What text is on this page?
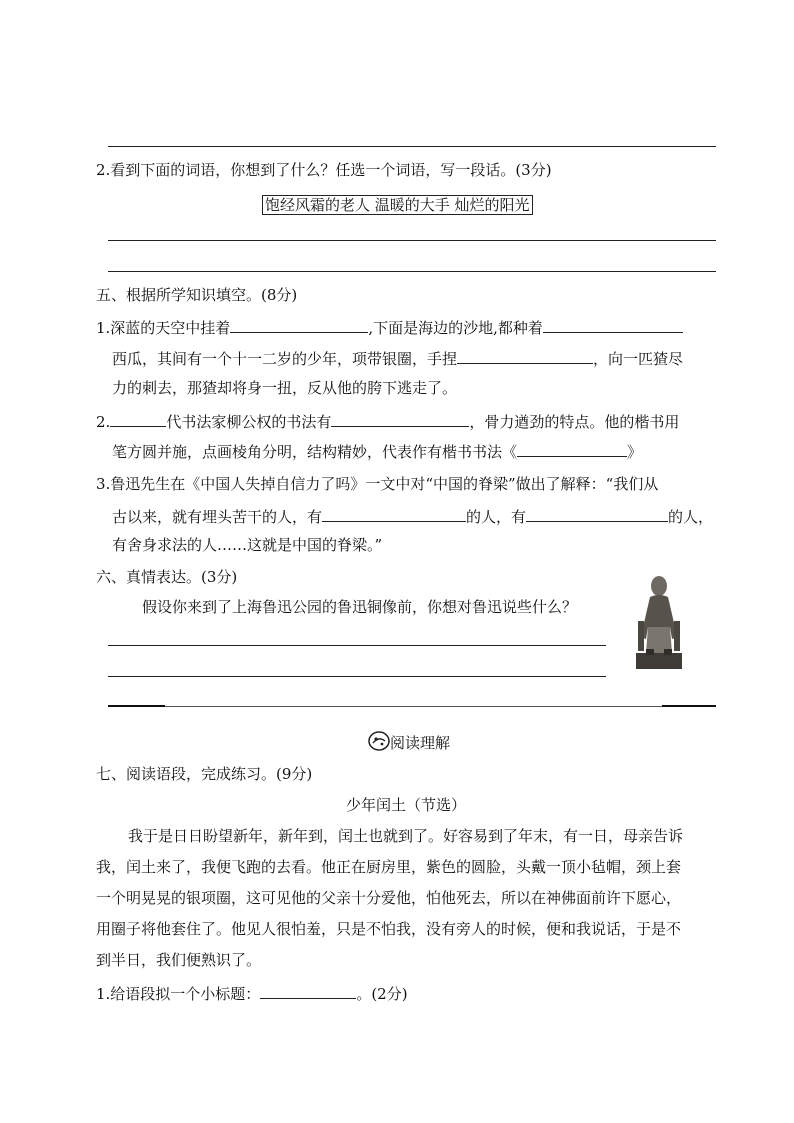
2.看到下面的词语，你想到了什么？任选一个词语，写一段话。(3分)
饱经风霜的老人 温暖的大手 灿烂的阳光
五、根据所学知识填空。(8分)
1.深蓝的天空中挂着	,下面是海边的沙地,都种着
西瓜，其间有一个十一二岁的少年，项带银圈，手捏	，向一匹猹尽
力的刺去，那猹却将身一扭，反从他的胯下逃走了。
2.	代书法家柳公权的书法有	，骨力遒劲的特点。他的楷书用
笔方圆并施，点画棱角分明，结构精妙，代表作有楷书书法《	》
3.鲁迅先生在《中国人失掉自信力了吗》一文中对“中国的脊梁”做出了解释：“我们从
古以来，就有埋头苦干的人，有	的人，有	的人，
有舍身求法的人……这就是中国的脊梁。”
六、真情表达。(3分)
假设你来到了上海鲁迅公园的鲁迅铜像前，你想对鲁迅说些什么？
阅读理解
七、阅读语段，完成练习。(9分)
少年闰土（节选）
我于是日日盼望新年，新年到，闰土也就到了。好容易到了年末，有一日，母亲告诉
我，闰土来了，我便飞跑的去看。他正在厨房里，紫色的圆脸，头戴一顶小毡帽，颈上套
一个明晃晃的银项圈，这可见他的父亲十分爱他，怕他死去，所以在神佛面前许下愿心，
用圈子将他套住了。他见人很怕羞，只是不怕我，没有旁人的时候，便和我说话，于是不
到半日，我们便熟识了。
1.给语段拟一个小标题：	。(2分)
